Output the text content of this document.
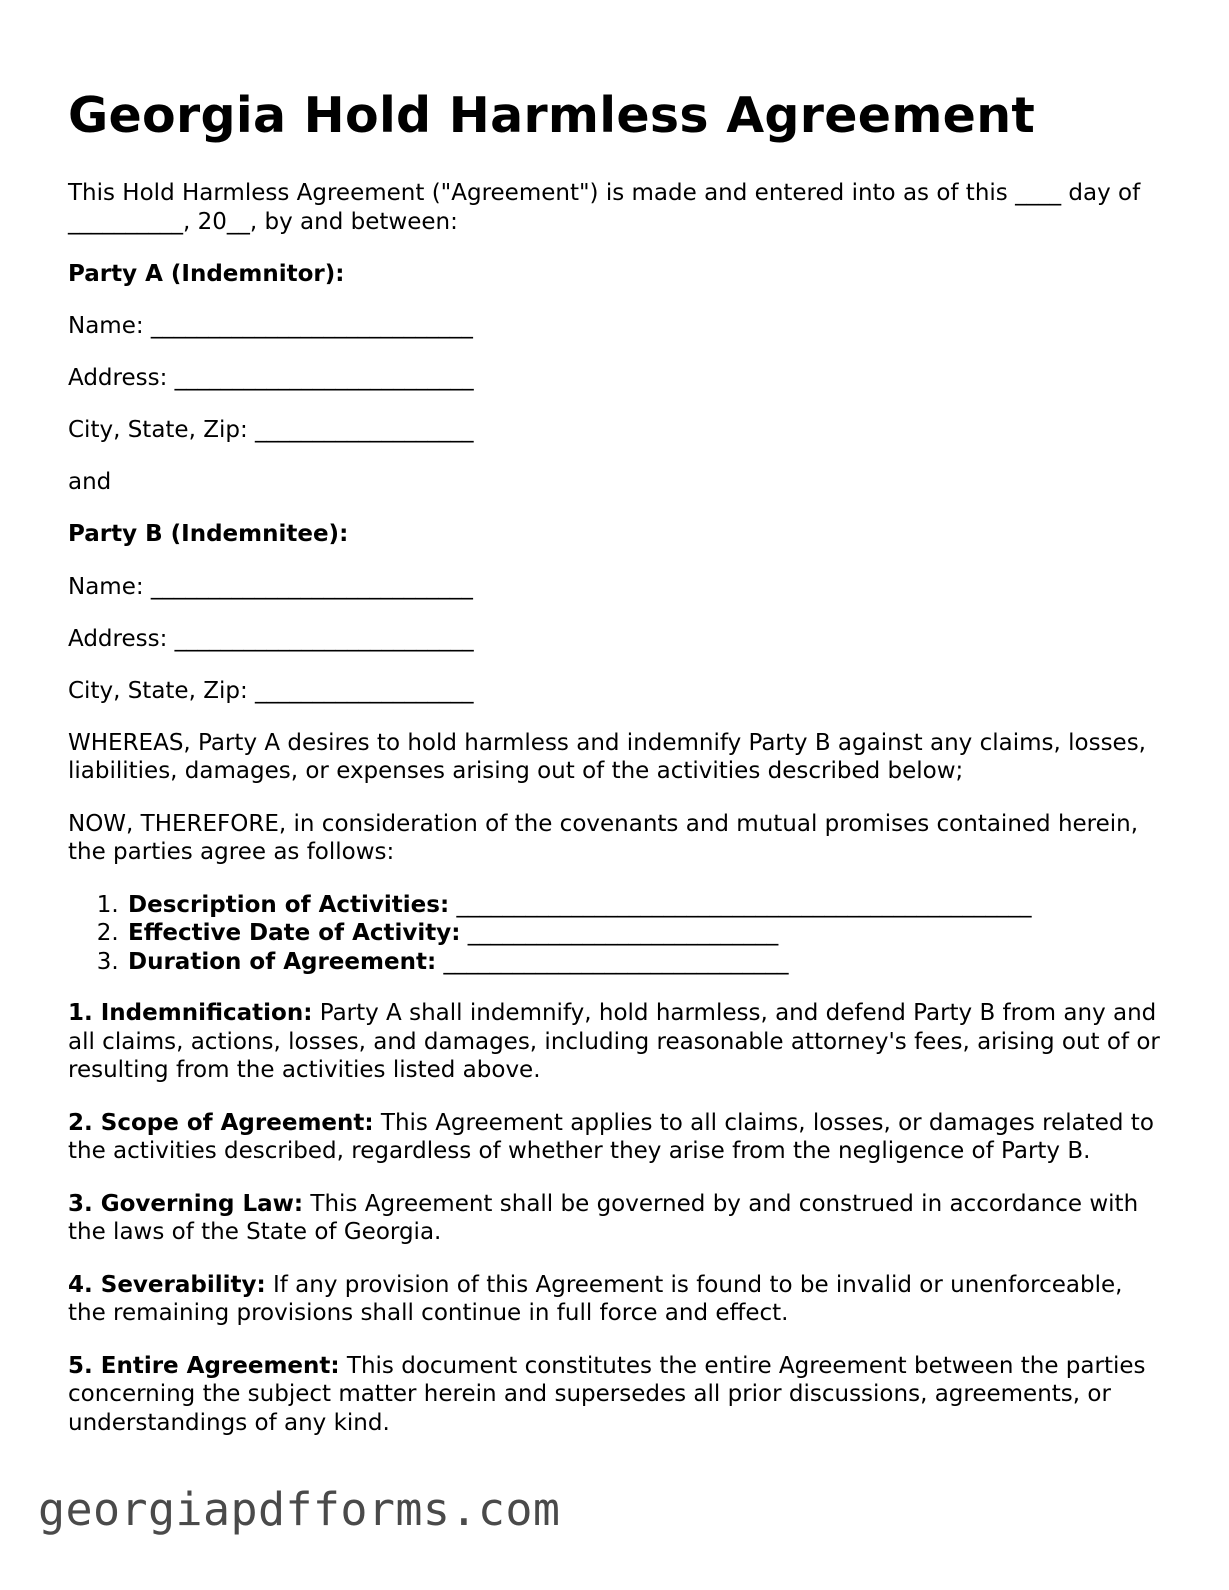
Georgia Hold Harmless Agreement

This Hold Harmless Agreement ("Agreement") is made and entered into as of this ____ day of __________, 20__, by and between:

Party A (Indemnitor):

Name: ____________________________

Address: __________________________

City, State, Zip: ___________________

and

Party B (Indemnitee):

Name: ____________________________

Address: __________________________

City, State, Zip: ___________________

WHEREAS, Party A desires to hold harmless and indemnify Party B against any claims, losses, liabilities, damages, or expenses arising out of the activities described below;

NOW, THEREFORE, in consideration of the covenants and mutual promises contained herein, the parties agree as follows:

1. Description of Activities: __________________________________________________
2. Effective Date of Activity: ___________________________
3. Duration of Agreement: ______________________________

1. Indemnification: Party A shall indemnify, hold harmless, and defend Party B from any and all claims, actions, losses, and damages, including reasonable attorney's fees, arising out of or resulting from the activities listed above.

2. Scope of Agreement: This Agreement applies to all claims, losses, or damages related to the activities described, regardless of whether they arise from the negligence of Party B.

3. Governing Law: This Agreement shall be governed by and construed in accordance with the laws of the State of Georgia.

4. Severability: If any provision of this Agreement is found to be invalid or unenforceable, the remaining provisions shall continue in full force and effect.

5. Entire Agreement: This document constitutes the entire Agreement between the parties concerning the subject matter herein and supersedes all prior discussions, agreements, or understandings of any kind.

georgiapdfforms.com
